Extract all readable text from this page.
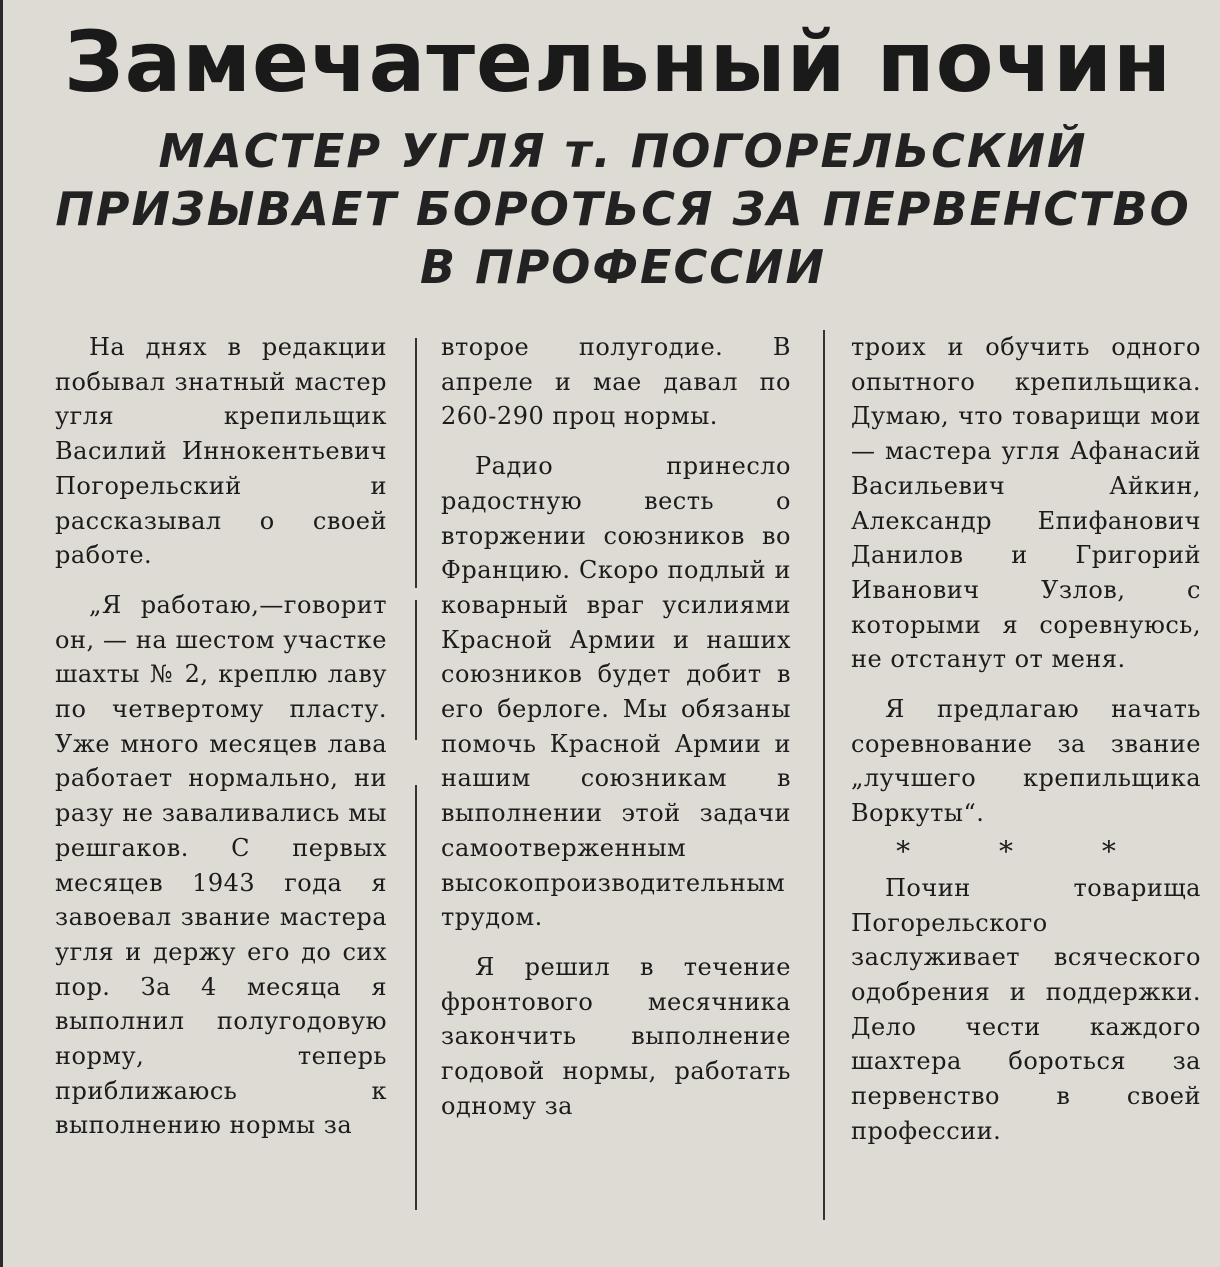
Замечательный почин
МАСТЕР УГЛЯ т. ПОГОРЕЛЬСКИЙ
ПРИЗЫВАЕТ БОРОТЬСЯ ЗА ПЕРВЕНСТВО
В ПРОФЕССИИ

На днях в редакции побывал знатный мастер угля крепильщик Василий Иннокентьевич Погорельский и рассказывал о своей работе.

„Я работаю,—говорит он, — на шестом участке шахты № 2, креплю лаву по четвертому пласту. Уже много месяцев лава работает нормально, ни разу не заваливались мы решгаков. С первых месяцев 1943 года я завоевал звание мастера угля и держу его до сих пор. За 4 месяца я выполнил полугодовую норму, теперь приближаюсь к выполнению нормы за

второе полугодие. В апреле и мае давал по 260-290 проц нормы.

Радио принесло радостную весть о вторжении союзников во Францию. Скоро подлый и коварный враг усилиями Красной Армии и наших союзников будет добит в его берлоге. Мы обязаны помочь Красной Армии и нашим союзникам в выполнении этой задачи самоотверженным высокопроизводительным трудом.

Я решил в течение фронтового месячника закончить выполнение годовой нормы, работать одному за

троих и обучить одного опытного крепильщика. Думаю, что товарищи мои — мастера угля Афанасий Васильевич Айкин, Александр Епифанович Данилов и Григорий Иванович Узлов, с которыми я соревнуюсь, не отстанут от меня.

Я предлагаю начать соревнование за звание „лучшего крепильщика Воркуты“.

* * *

Почин товарища Погорельского заслуживает всяческого одобрения и поддержки. Дело чести каждого шахтера бороться за первенство в своей профессии.
